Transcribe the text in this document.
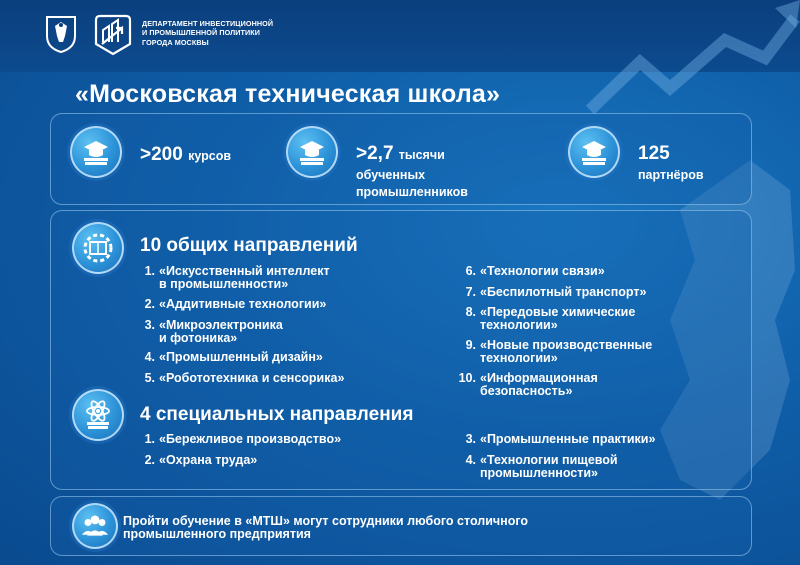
ДЕПАРТАМЕНТ ИНВЕСТИЦИОННОЙ
И ПРОМЫШЛЕННОЙ ПОЛИТИКИ
ГОРОДА МОСКВЫ
«Московская техническая школа»
>200 курсов	>2,7 тысячи
обученных
промышленников
125
партнёров
10 общих направлений
1. «Искусственный интеллект
в промышленности»
2. «Аддитивные технологии»
3. «Микроэлектроника
и фотоника»
4. «Промышленный дизайн»
5. «Робототехника и сенсорика»
6. «Технологии связи»
7. «Беспилотный транспорт»
8. «Передовые химические
технологии»
9. «Новые производственные
технологии»
10. «Информационная
безопасность»
4 специальных направления
1. «Бережливое производство»
2. «Охрана труда»
3. «Промышленные практики»
4. «Технологии пищевой
промышленности»
Пройти обучение в «МТШ» могут сотрудники любого столичного
промышленного предприятия
